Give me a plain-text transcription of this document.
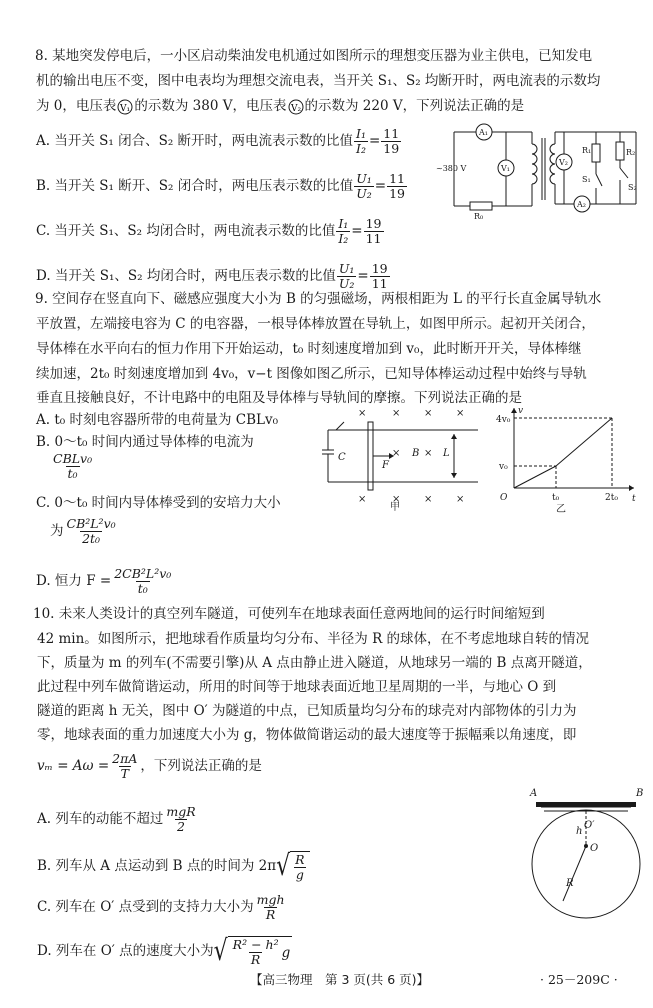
8. 某地突发停电后，一小区启动柴油发电机通过如图所示的理想变压器为业主供电，已知发电
机的输出电压不变，图中电表均为理想交流电表，当开关 S₁、S₂ 均断开时，两电流表的示数均
为 0，电压表 V₁ 的示数为 380 V，电压表 V₂ 的示数为 220 V，下列说法正确的是
A. 当开关 S₁ 闭合、S₂ 断开时，两电流表示数的比值 $\frac{\text{I₁}}{\text{I₂}} = \frac{11}{19}$
B. 当开关 S₁ 断开、S₂ 闭合时，两电压表示数的比值 $\frac{\text{U₁}}{\text{U₂}} = \frac{11}{19}$
C. 当开关 S₁、S₂ 均闭合时，两电流表示数的比值 $\frac{\text{I₁}}{\text{I₂}} = \frac{19}{11}$
D. 当开关 S₁、S₂ 均闭合时，两电压表示数的比值 $\frac{\text{U₁}}{\text{U₂}} = \frac{19}{11}$
A₁
A₂
V₁
V₂
~380 V
R₀
R₁	R₂
S₁
S₂
9. 空间存在竖直向下、磁感应强度大小为 B 的匀强磁场，两根相距为 L 的平行长直金属导轨水
平放置，左端接电容为 C 的电容器，一根导体棒放置在导轨上，如图甲所示。起初开关闭合，
导体棒在水平向右的恒力作用下开始运动，t₀ 时刻速度增加到 v₀，此时断开开关，导体棒继
续加速，2t₀ 时刻速度增加到 4v₀，v−t 图像如图乙所示，已知导体棒运动过程中始终与导轨
垂直且接触良好，不计电路中的电阻及导体棒与导轨间的摩擦。下列说法正确的是
A. t₀ 时刻电容器所带的电荷量为 CBLv₀
B. 0～t₀ 时间内通过导体棒的电流为
$\frac{\text{CBLv₀}}{\text{t₀}}$
C. 0～t₀ 时间内导体棒受到的安培力大小
为 $\frac{\text{CB²L²v₀}}{\text{2t₀}}$
D. 恒力 $F = \frac{\text{2CB²L²v₀}}{\text{t₀}}$
×	× × ×
× ×
×	× × ×
C
F
B L
甲
v
t
O
4v₀
v₀
t₀	2t₀
乙
10. 未来人类设计的真空列车隧道，可使列车在地球表面任意两地间的运行时间缩短到
42 min。如图所示，把地球看作质量均匀分布、半径为 R 的球体，在不考虑地球自转的情况
下，质量为 m 的列车(不需要引擎)从 A 点由静止进入隧道，从地球另一端的 B 点离开隧道，
此过程中列车做简谐运动，所用的时间等于地球表面近地卫星周期的一半，与地心 O 到
隧道的距离 h 无关，图中 O′ 为隧道的中点，已知质量均匀分布的球壳对内部物体的引力为
零，地球表面的重力加速度大小为 g，物体做简谐运动的最大速度等于振幅乘以角速度，即
$v_m = A\omega = \frac{2\pi A}{T}$ ，下列说法正确的是
A. 列车的动能不超过 $\frac{\text{mgR}}{2}$
B. 列车从 A 点运动到 B 点的时间为 2π √ $\frac{R}{g}$
C. 列车在 O′ 点受到的支持力大小为 $\frac{\text{mgh}}{R}$
D. 列车在 O′ 点的速度大小为 √ $\frac{\text{R² − h²}}{R}$ g
A	B
O′
h
O
R
【高三物理　第 3 页(共 6 页)】	· 25－209C ·
